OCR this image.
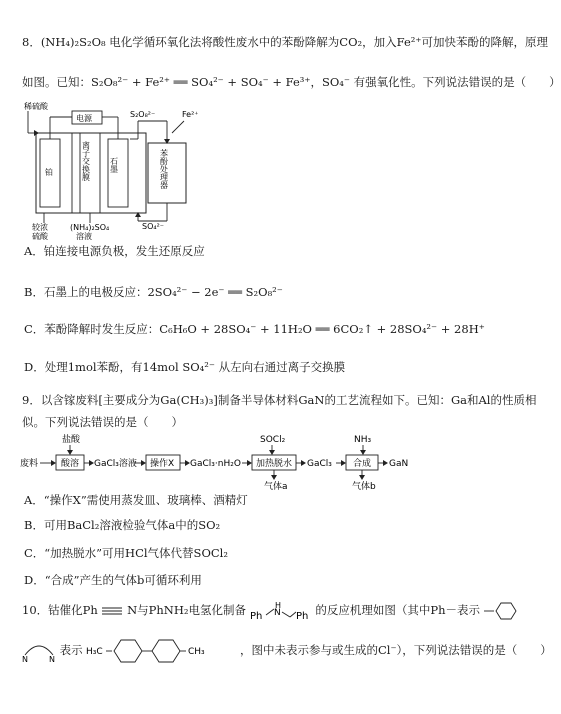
8．(NH₄)₂S₂O₈ 电化学循环氧化法将酸性废水中的苯酚降解为CO₂，加入Fe²⁺可加快苯酚的降解，原理
如图。已知：S₂O₈²⁻ + Fe²⁺ ══ SO₄²⁻ + SO₄⁻ + Fe³⁺，SO₄⁻ 有强氧化性。下列说法错误的是（　　）
稀硫酸
电源	S₂O₈²⁻	Fe²⁺
铂	离子交换膜 石墨	苯酚处理器
SO₄²⁻
较浓
硫酸
(NH₄)₂SO₄
溶液
A．铂连接电源负极，发生还原反应
B．石墨上的电极反应：2SO₄²⁻ − 2e⁻ ══ S₂O₈²⁻
C．苯酚降解时发生反应：C₆H₆O + 28SO₄⁻ + 11H₂O ══ 6CO₂↑ + 28SO₄²⁻ + 28H⁺
D．处理1mol苯酚，有14mol SO₄²⁻ 从左向右通过离子交换膜
9．以含镓废料[主要成分为Ga(CH₃)₃]制备半导体材料GaN的工艺流程如下。已知：Ga和Al的性质相
似。下列说法错误的是（　　）
盐酸	SOCl₂	NH₃
废料	酸溶 GaCl₃溶液 操作X GaCl₃·nH₂O 加热脱水 GaCl₃ 合成 GaN
气体a	气体b
A．“操作X”需使用蒸发皿、玻璃棒、酒精灯
B．可用BaCl₂溶液检验气体a中的SO₂
C．“加热脱水”可用HCl气体代替SOCl₂
D．“合成”产生的气体b可循环利用
10．钴催化Ph	N与PhNH₂电氢化制备 Ph
H
N Ph 的反应机理如图（其中Ph－表示
N	N
表示 H₃C	CH₃	，图中未表示参与或生成的Cl⁻），下列说法错误的是（　　）
